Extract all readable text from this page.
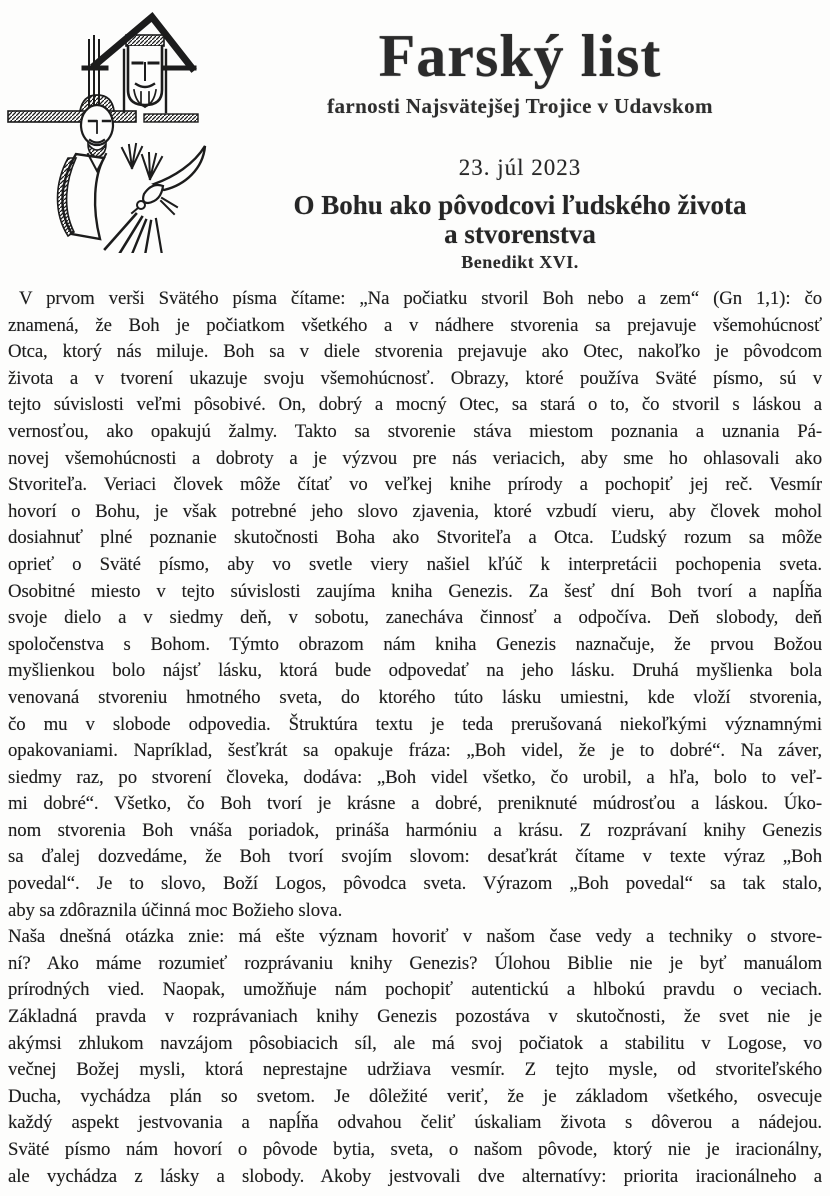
Farský list
farnosti Najsvätejšej Trojice v Udavskom
23. júl 2023
O Bohu ako pôvodcovi ľudského života
a stvorenstva
Benedikt XVI.
V prvom verši Svätého písma čítame: „Na počiatku stvoril Boh nebo a zem“ (Gn 1,1): čo
znamená, že Boh je počiatkom všetkého a v nádhere stvorenia sa prejavuje všemohúcnosť
Otca, ktorý nás miluje. Boh sa v diele stvorenia prejavuje ako Otec, nakoľko je pôvodcom
života a v tvorení ukazuje svoju všemohúcnosť. Obrazy, ktoré používa Sväté písmo, sú v
tejto súvislosti veľmi pôsobivé. On, dobrý a mocný Otec, sa stará o to, čo stvoril s láskou a
vernosťou, ako opakujú žalmy. Takto sa stvorenie stáva miestom poznania a uznania Pá-
novej všemohúcnosti a dobroty a je výzvou pre nás veriacich, aby sme ho ohlasovali ako
Stvoriteľa. Veriaci človek môže čítať vo veľkej knihe prírody a pochopiť jej reč. Vesmír
hovorí o Bohu, je však potrebné jeho slovo zjavenia, ktoré vzbudí vieru, aby človek mohol
dosiahnuť plné poznanie skutočnosti Boha ako Stvoriteľa a Otca. Ľudský rozum sa môže
oprieť o Sväté písmo, aby vo svetle viery našiel kľúč k interpretácii pochopenia sveta.
Osobitné miesto v tejto súvislosti zaujíma kniha Genezis. Za šesť dní Boh tvorí a napĺňa
svoje dielo a v siedmy deň, v sobotu, zanecháva činnosť a odpočíva. Deň slobody, deň
spoločenstva s Bohom. Týmto obrazom nám kniha Genezis naznačuje, že prvou Božou
myšlienkou bolo nájsť lásku, ktorá bude odpovedať na jeho lásku. Druhá myšlienka bola
venovaná stvoreniu hmotného sveta, do ktorého túto lásku umiestni, kde vloží stvorenia,
čo mu v slobode odpovedia. Štruktúra textu je teda prerušovaná niekoľkými významnými
opakovaniami. Napríklad, šesťkrát sa opakuje fráza: „Boh videl, že je to dobré“. Na záver,
siedmy raz, po stvorení človeka, dodáva: „Boh videl všetko, čo urobil, a hľa, bolo to veľ-
mi dobré“. Všetko, čo Boh tvorí je krásne a dobré, preniknuté múdrosťou a láskou. Úko-
nom stvorenia Boh vnáša poriadok, prináša harmóniu a krásu. Z rozprávaní knihy Genezis
sa ďalej dozvedáme, že Boh tvorí svojím slovom: desaťkrát čítame v texte výraz „Boh
povedal“. Je to slovo, Boží Logos, pôvodca sveta. Výrazom „Boh povedal“ sa tak stalo,
aby sa zdôraznila účinná moc Božieho slova.
Naša dnešná otázka znie: má ešte význam hovoriť v našom čase vedy a techniky o stvore-
ní? Ako máme rozumieť rozprávaniu knihy Genezis? Úlohou Biblie nie je byť manuálom
prírodných vied. Naopak, umožňuje nám pochopiť autentickú a hlbokú pravdu o veciach.
Základná pravda v rozprávaniach knihy Genezis pozostáva v skutočnosti, že svet nie je
akýmsi zhlukom navzájom pôsobiacich síl, ale má svoj počiatok a stabilitu v Logose, vo
večnej Božej mysli, ktorá neprestajne udržiava vesmír. Z tejto mysle, od stvoriteľského
Ducha, vychádza plán so svetom. Je dôležité veriť, že je základom všetkého, osvecuje
každý aspekt jestvovania a napĺňa odvahou čeliť úskaliam života s dôverou a nádejou.
Sväté písmo nám hovorí o pôvode bytia, sveta, o našom pôvode, ktorý nie je iracionálny,
ale vychádza z lásky a slobody. Akoby jestvovali dve alternatívy: priorita iracionálneho a
